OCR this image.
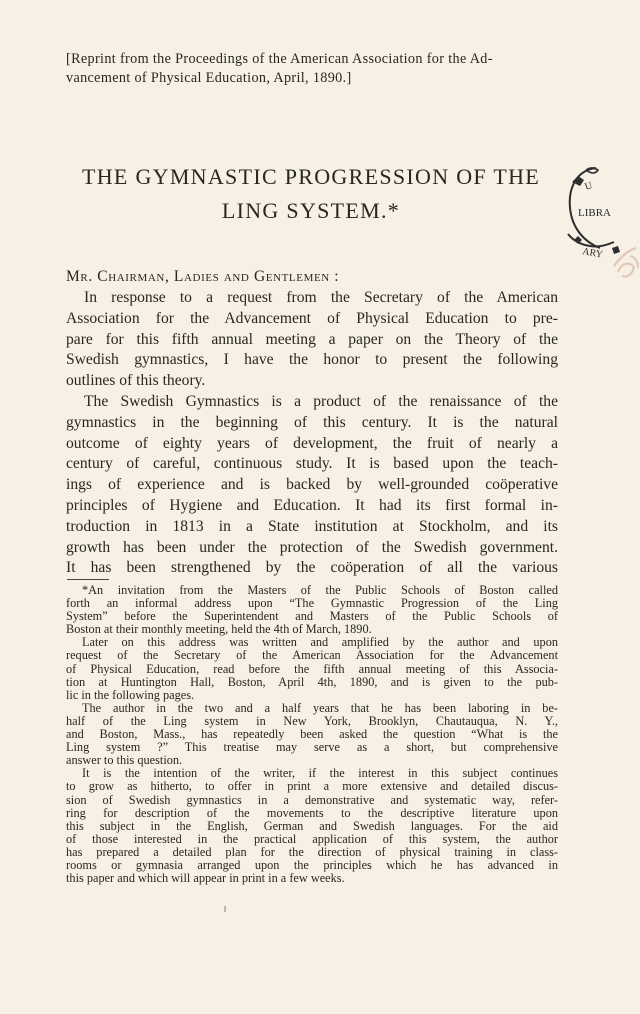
[Reprint from the Proceedings of the American Association for the Ad-
vancement of Physical Education, April, 1890.]
THE GYMNASTIC PROGRESSION OF THE
LING SYSTEM.*	LIBRA
U
ARY
Mr. Chairman, Ladies and Gentlemen :

In response to a request from the Secretary of the American
Association for the Advancement of Physical Education to pre-
pare for this fifth annual meeting a paper on the Theory of the
Swedish gymnastics, I have the honor to present the following
outlines of this theory.

The Swedish Gymnastics is a product of the renaissance of the
gymnastics in the beginning of this century. It is the natural
outcome of eighty years of development, the fruit of nearly a
century of careful, continuous study. It is based upon the teach-
ings of experience and is backed by well-grounded coöperative
principles of Hygiene and Education. It had its first formal in-
troduction in 1813 in a State institution at Stockholm, and its
growth has been under the protection of the Swedish government.
It has been strengthened by the coöperation of all the various

*An invitation from the Masters of the Public Schools of Boston called
forth an informal address upon “The Gymnastic Progression of the Ling
System” before the Superintendent and Masters of the Public Schools of
Boston at their monthly meeting, held the 4th of March, 1890.

Later on this address was written and amplified by the author and upon
request of the Secretary of the American Association for the Advancement
of Physical Education, read before the fifth annual meeting of this Associa-
tion at Huntington Hall, Boston, April 4th, 1890, and is given to the pub-
lic in the following pages.

The author in the two and a half years that he has been laboring in be-
half of the Ling system in New York, Brooklyn, Chautauqua, N. Y.,
and Boston, Mass., has repeatedly been asked the question “What is the
Ling system ?” This treatise may serve as a short, but comprehensive
answer to this question.

It is the intention of the writer, if the interest in this subject continues
to grow as hitherto, to offer in print a more extensive and detailed discus-
sion of Swedish gymnastics in a demonstrative and systematic way, refer-
ring for description of the movements to the descriptive literature upon
this subject in the English, German and Swedish languages. For the aid
of those interested in the practical application of this system, the author
has prepared a detailed plan for the direction of physical training in class-
rooms or gymnasia arranged upon the principles which he has advanced in
this paper and which will appear in print in a few weeks.
